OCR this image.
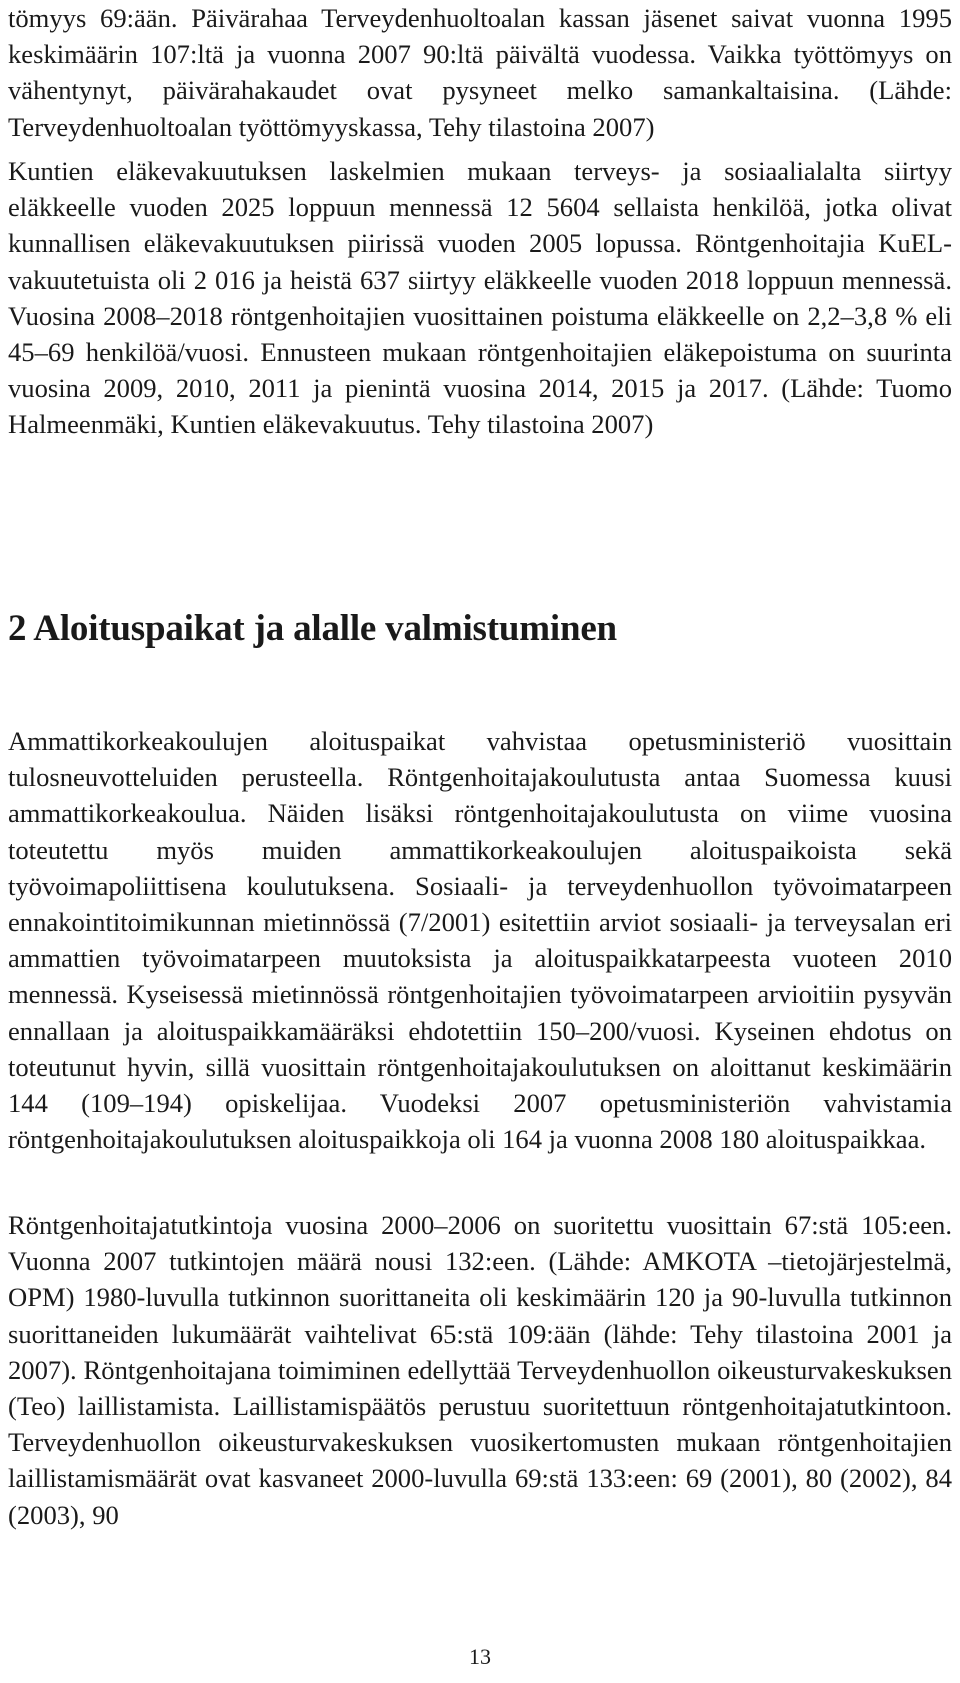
tömyys 69:ään. Päivärahaa Terveydenhuoltoalan kassan jäsenet saivat vuonna 1995 keskimäärin 107:ltä ja vuonna 2007 90:ltä päivältä vuodessa. Vaikka työttömyys on vähentynyt, päivärahakaudet ovat pysyneet melko samankaltaisina. (Lähde: Terveydenhuoltoalan työttömyyskassa, Tehy tilastoina 2007)

Kuntien eläkevakuutuksen laskelmien mukaan terveys- ja sosiaalialalta siirtyy eläkkeelle vuoden 2025 loppuun mennessä 12 5604 sellaista henkilöä, jotka olivat kunnallisen eläkevakuutuksen piirissä vuoden 2005 lopussa. Röntgenhoitajia KuEL- vakuutetuista oli 2 016 ja heistä 637 siirtyy eläkkeelle vuoden 2018 loppuun mennessä. Vuosina 2008–2018 röntgenhoitajien vuosittainen poistuma eläkkeelle on 2,2–3,8 % eli 45–69 henkilöä/vuosi. Ennusteen mukaan röntgenhoitajien eläkepoistuma on suurinta vuosina 2009, 2010, 2011 ja pienintä vuosina 2014, 2015 ja 2017. (Lähde: Tuomo Halmeenmäki, Kuntien eläkevakuutus. Tehy tilastoina 2007)

2 Aloituspaikat ja alalle valmistuminen

Ammattikorkeakoulujen aloituspaikat vahvistaa opetusministeriö vuosittain tulosneuvotteluiden perusteella. Röntgenhoitajakoulutusta antaa Suomessa kuusi ammattikorkeakoulua. Näiden lisäksi röntgenhoitajakoulutusta on viime vuosina toteutettu myös muiden ammattikorkeakoulujen aloituspaikoista sekä työvoimapoliittisena koulutuksena. Sosiaali- ja terveydenhuollon työvoimatarpeen ennakointitoimikunnan mietinnössä (7/2001) esitettiin arviot sosiaali- ja terveysalan eri ammattien työvoimatarpeen muutoksista ja aloituspaikkatarpeesta vuoteen 2010 mennessä. Kyseisessä mietinnössä röntgenhoitajien työvoimatarpeen arvioitiin pysyvän ennallaan ja aloituspaikkamääräksi ehdotettiin 150–200/vuosi. Kyseinen ehdotus on toteutunut hyvin, sillä vuosittain röntgenhoitajakoulutuksen on aloittanut keskimäärin 144 (109–194) opiskelijaa. Vuodeksi 2007 opetusministeriön vahvistamia röntgenhoitajakoulutuksen aloituspaikkoja oli 164 ja vuonna 2008 180 aloituspaikkaa.

Röntgenhoitajatutkintoja vuosina 2000–2006 on suoritettu vuosittain 67:stä 105:een. Vuonna 2007 tutkintojen määrä nousi 132:een. (Lähde: AMKOTA –tietojärjestelmä, OPM) 1980-luvulla tutkinnon suorittaneita oli keskimäärin 120 ja 90-luvulla tutkinnon suorittaneiden lukumäärät vaihtelivat 65:stä 109:ään (lähde: Tehy tilastoina 2001 ja 2007). Röntgenhoitajana toimiminen edellyttää Terveydenhuollon oikeusturvakeskuksen (Teo) laillistamista. Laillistamispäätös perustuu suoritettuun röntgenhoitajatutkintoon. Terveydenhuollon oikeusturvakeskuksen vuosikertomusten mukaan röntgenhoitajien laillistamismäärät ovat kasvaneet 2000-luvulla 69:stä 133:een: 69 (2001), 80 (2002), 84 (2003), 90

13
